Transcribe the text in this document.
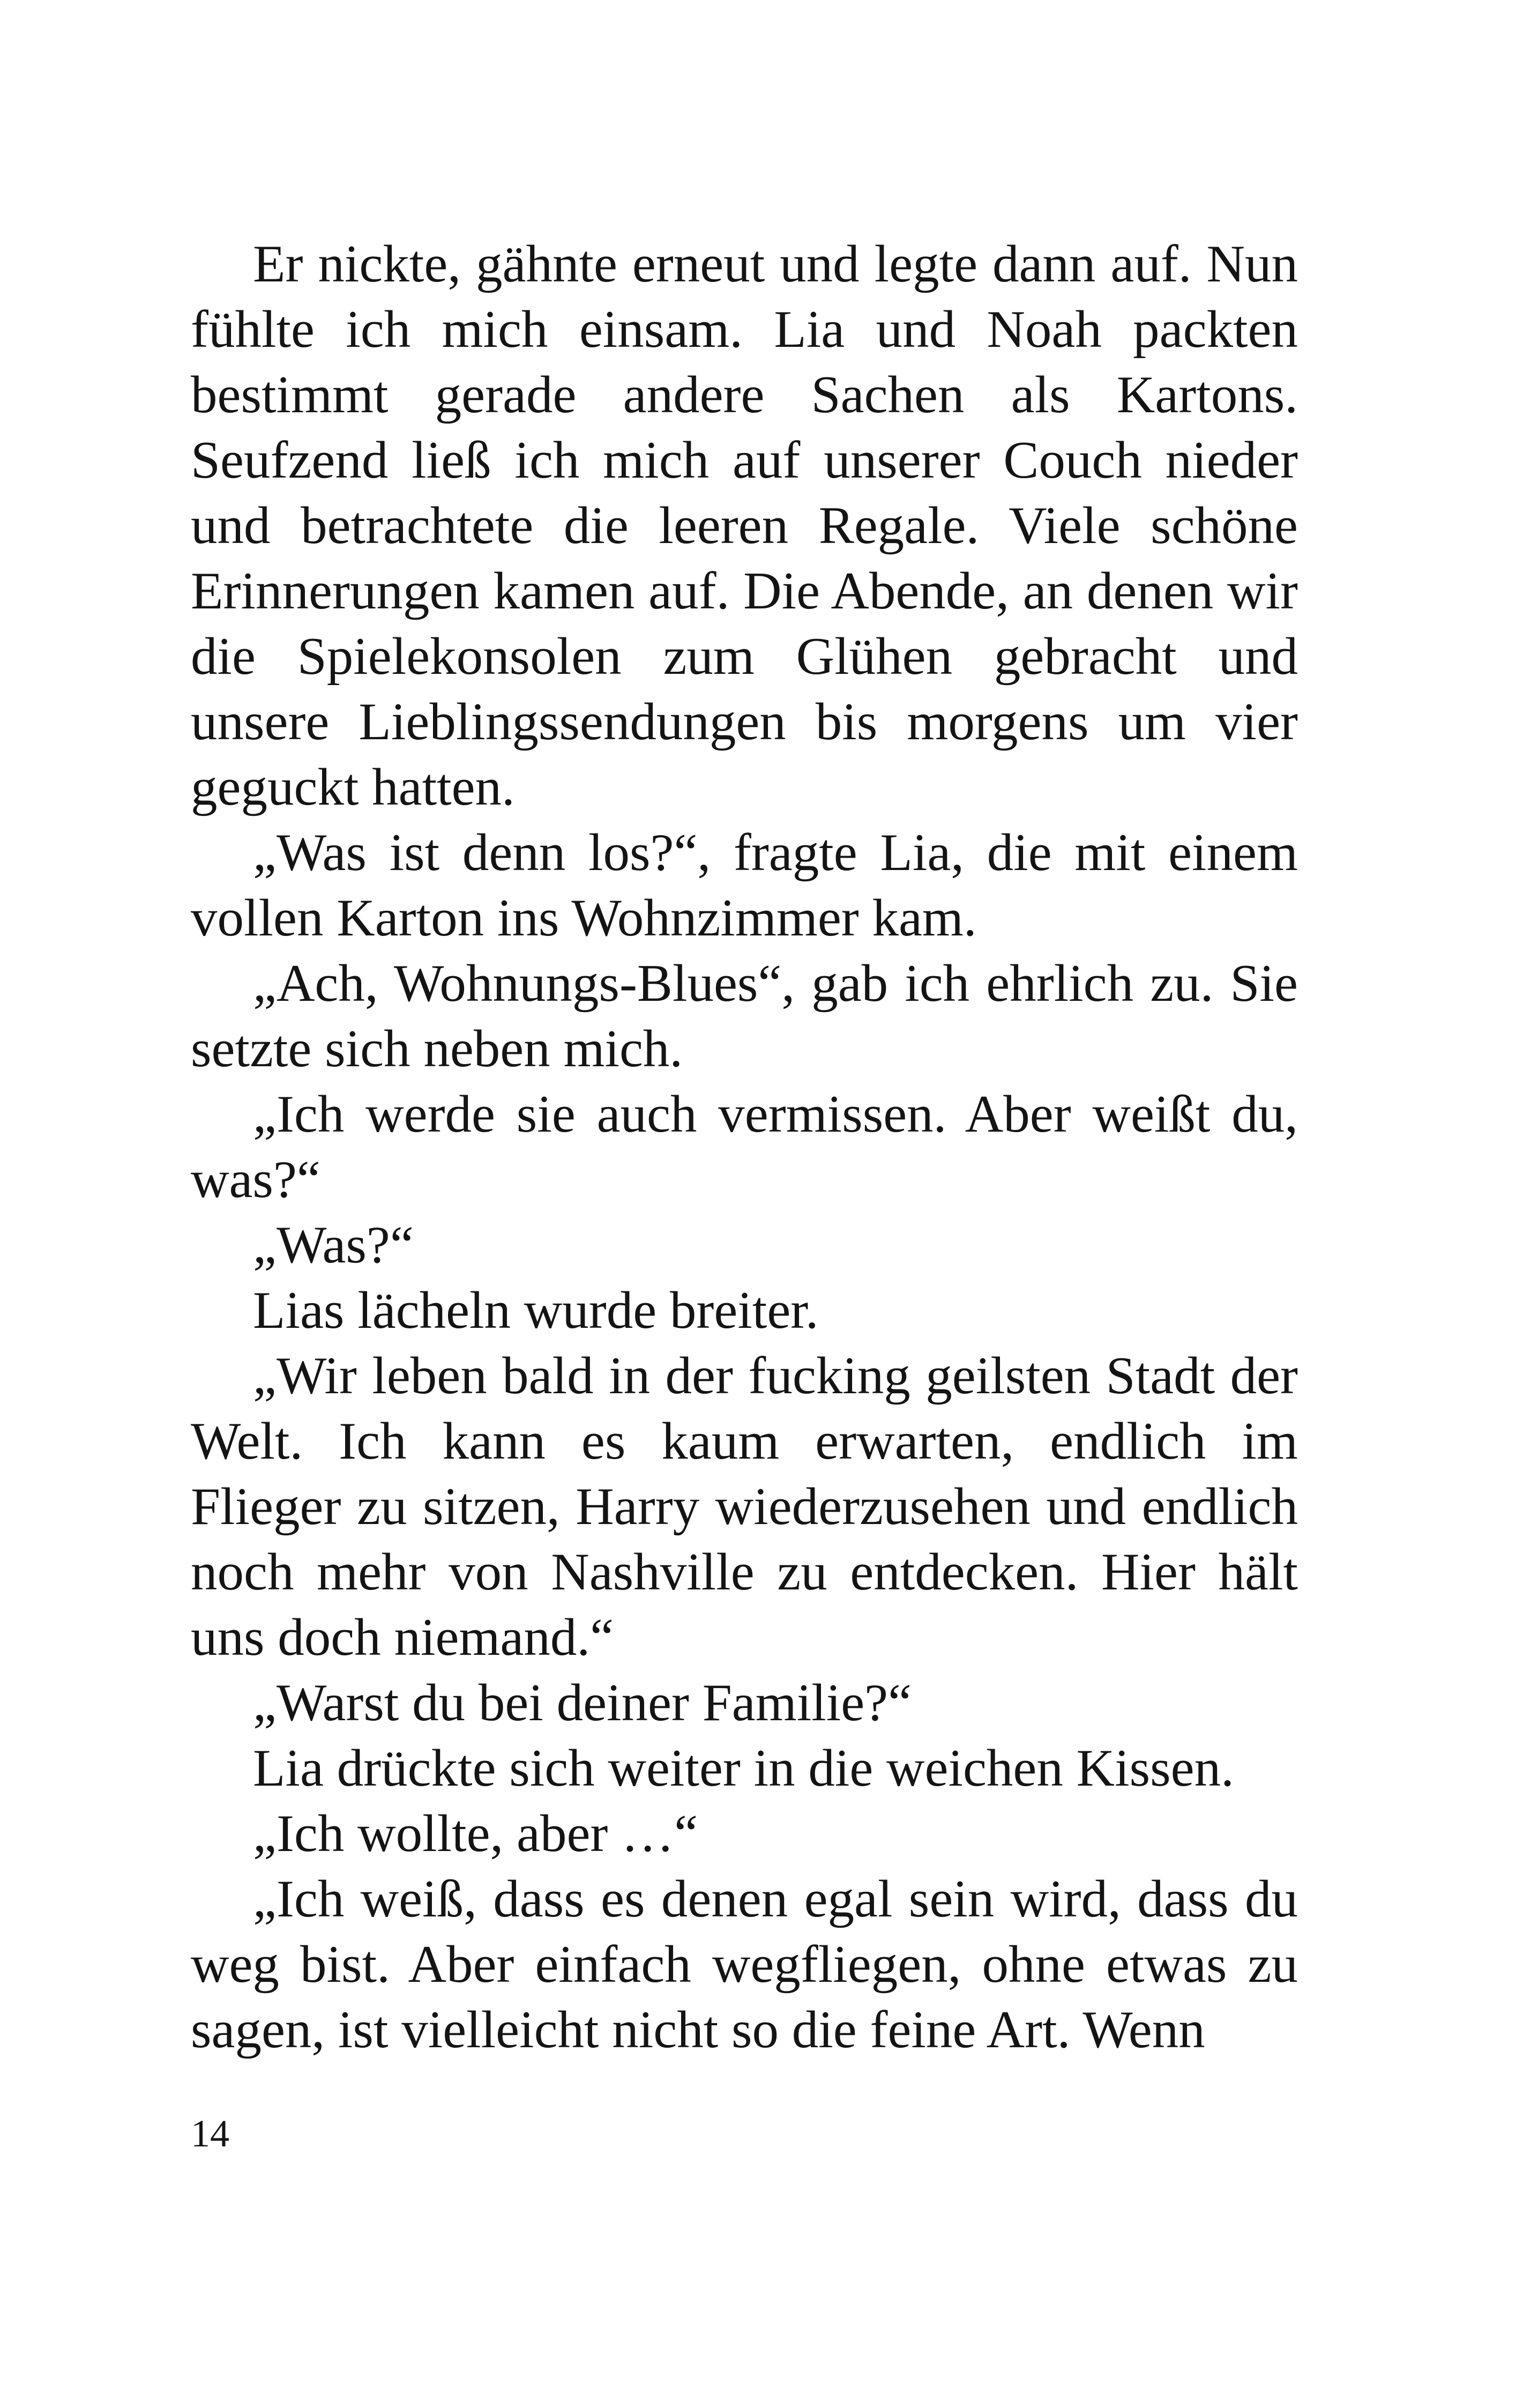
Er nickte, gähnte erneut und legte dann auf. Nun fühlte ich mich einsam. Lia und Noah packten bestimmt gerade andere Sachen als Kartons. Seufzend ließ ich mich auf unserer Couch nieder und betrachtete die leeren Regale. Viele schöne Erinnerungen kamen auf. Die Abende, an denen wir die Spielekonsolen zum Glühen gebracht und unsere Lieblingssendungen bis morgens um vier geguckt hatten.

„Was ist denn los?“, fragte Lia, die mit einem vollen Karton ins Wohnzimmer kam.

„Ach, Wohnungs-Blues“, gab ich ehrlich zu. Sie setzte sich neben mich.

„Ich werde sie auch vermissen. Aber weißt du, was?“

„Was?“

Lias lächeln wurde breiter.

„Wir leben bald in der fucking geilsten Stadt der Welt. Ich kann es kaum erwarten, endlich im Flieger zu sitzen, Harry wiederzusehen und endlich noch mehr von Nashville zu entdecken. Hier hält uns doch niemand.“

„Warst du bei deiner Familie?“

Lia drückte sich weiter in die weichen Kissen.

„Ich wollte, aber …“

„Ich weiß, dass es denen egal sein wird, dass du weg bist. Aber einfach wegfliegen, ohne etwas zu sagen, ist vielleicht nicht so die feine Art. Wenn

14
